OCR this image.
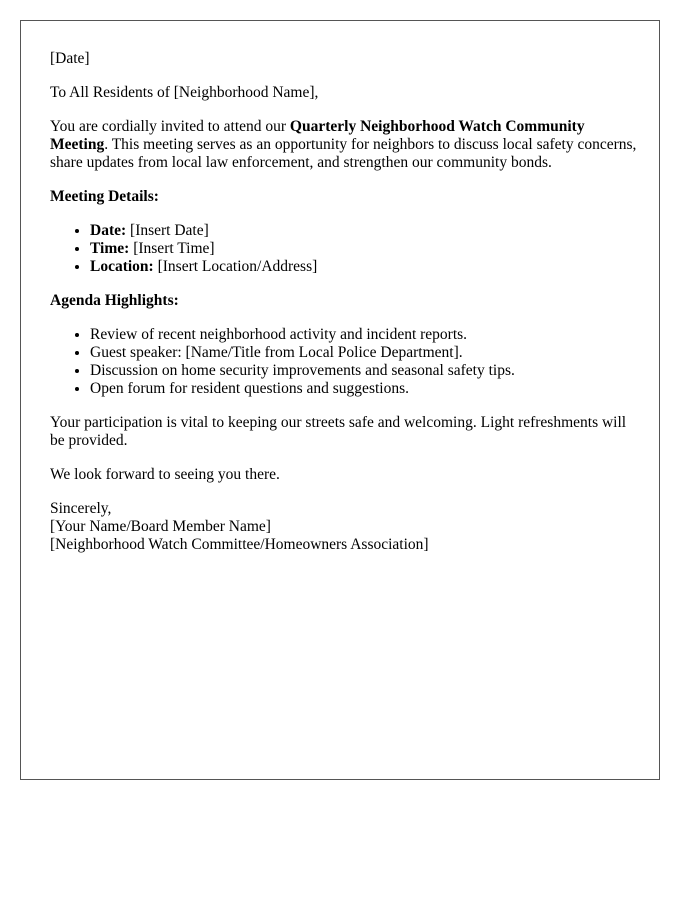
[Date]

To All Residents of [Neighborhood Name],

You are cordially invited to attend our Quarterly Neighborhood Watch Community Meeting. This meeting serves as an opportunity for neighbors to discuss local safety concerns, share updates from local law enforcement, and strengthen our community bonds.

Meeting Details:

• Date: [Insert Date]
• Time: [Insert Time]
• Location: [Insert Location/Address]

Agenda Highlights:

• Review of recent neighborhood activity and incident reports.
• Guest speaker: [Name/Title from Local Police Department].
• Discussion on home security improvements and seasonal safety tips.
• Open forum for resident questions and suggestions.

Your participation is vital to keeping our streets safe and welcoming. Light refreshments will be provided.

We look forward to seeing you there.

Sincerely,
[Your Name/Board Member Name]
[Neighborhood Watch Committee/Homeowners Association]
